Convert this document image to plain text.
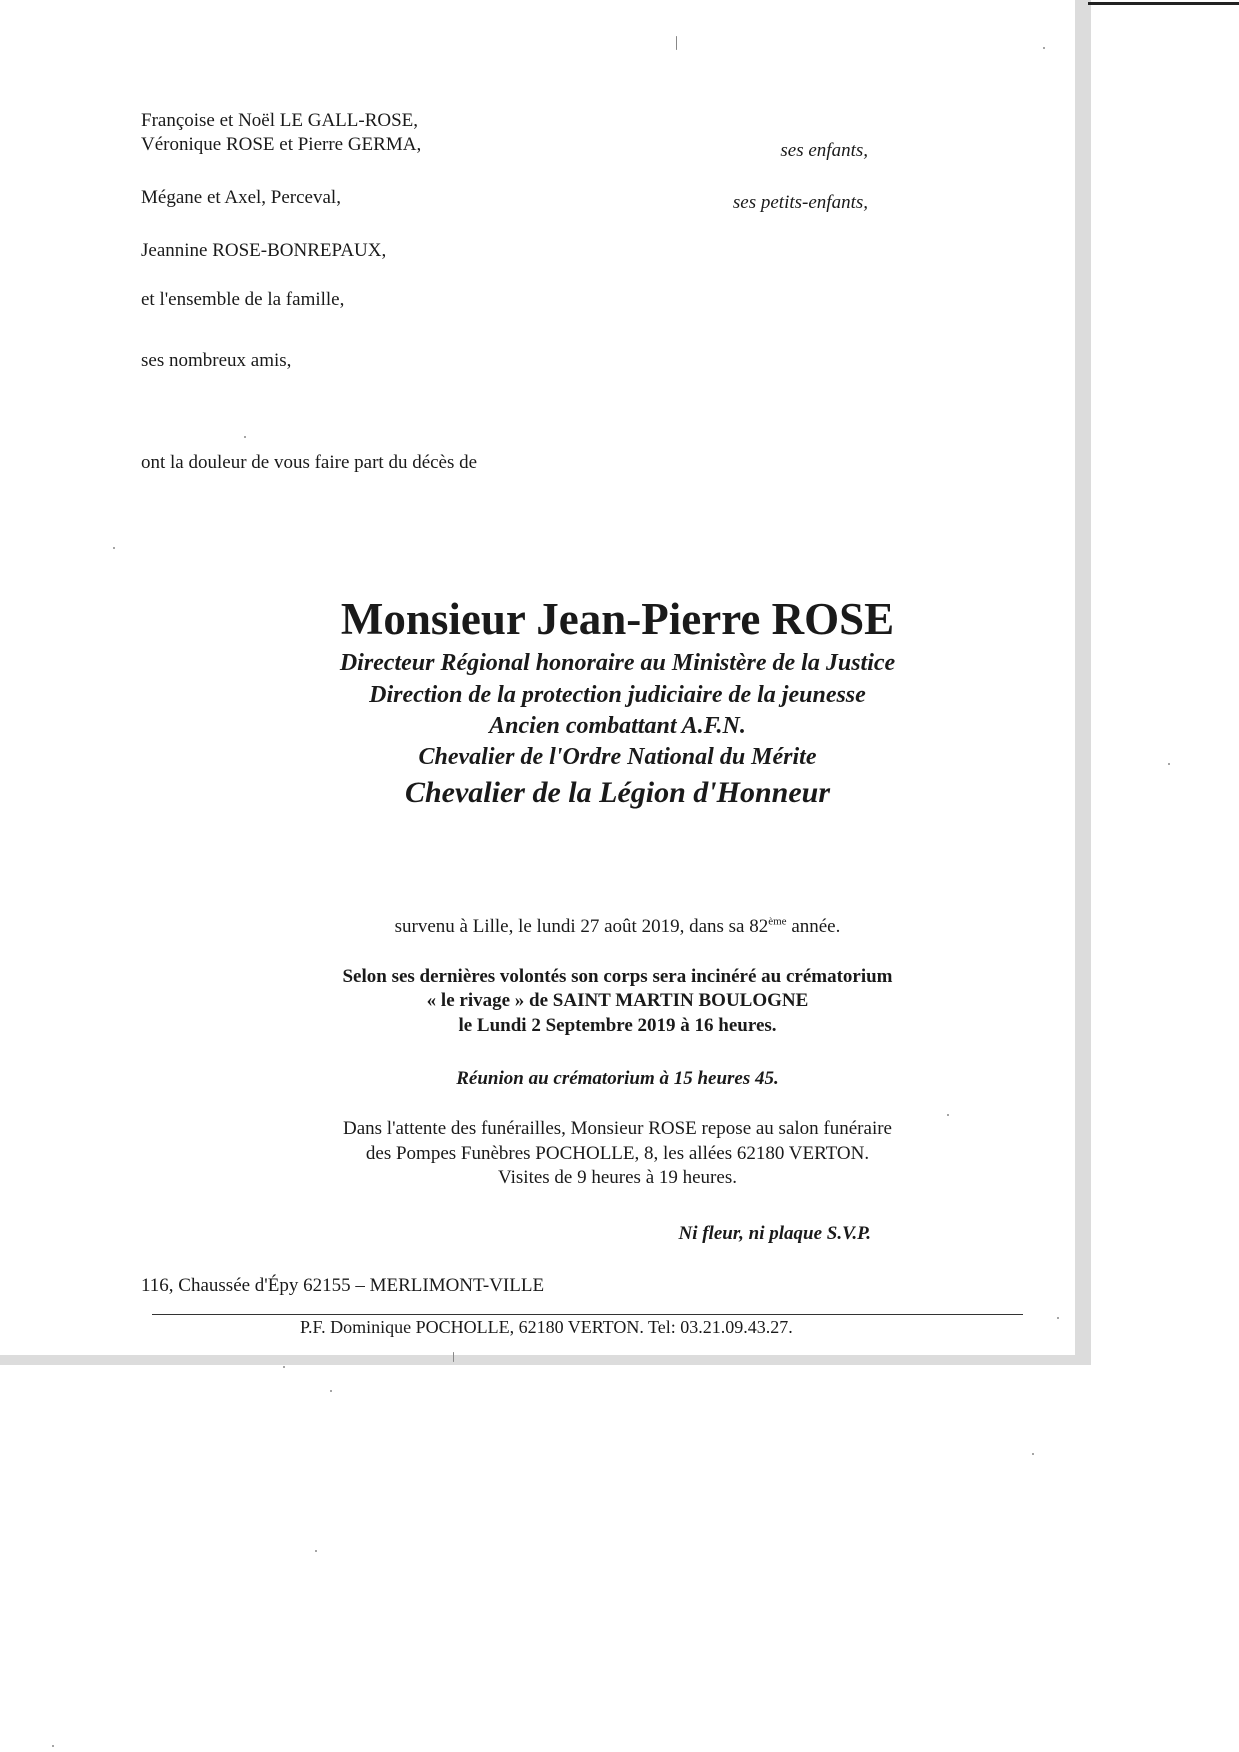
Françoise et Noël LE GALL-ROSE,
Véronique ROSE et Pierre GERMA,	ses enfants,
Mégane et Axel, Perceval,	ses petits-enfants,
Jeannine ROSE-BONREPAUX,
et l'ensemble de la famille,
ses nombreux amis,
ont la douleur de vous faire part du décès de
Monsieur Jean-Pierre ROSE
Directeur Régional honoraire au Ministère de la Justice
Direction de la protection judiciaire de la jeunesse
Ancien combattant A.F.N.
Chevalier de l'Ordre National du Mérite
Chevalier de la Légion d'Honneur
survenu à Lille, le lundi 27 août 2019, dans sa 82ème année.
Selon ses dernières volontés son corps sera incinéré au crématorium
« le rivage » de SAINT MARTIN BOULOGNE
le Lundi 2 Septembre 2019 à 16 heures.
Réunion au crématorium à 15 heures 45.
Dans l'attente des funérailles, Monsieur ROSE repose au salon funéraire
des Pompes Funèbres POCHOLLE, 8, les allées 62180 VERTON.
Visites de 9 heures à 19 heures.
Ni fleur, ni plaque S.V.P.
116, Chaussée d'Épy 62155 – MERLIMONT-VILLE
P.F. Dominique POCHOLLE, 62180 VERTON. Tel: 03.21.09.43.27.
